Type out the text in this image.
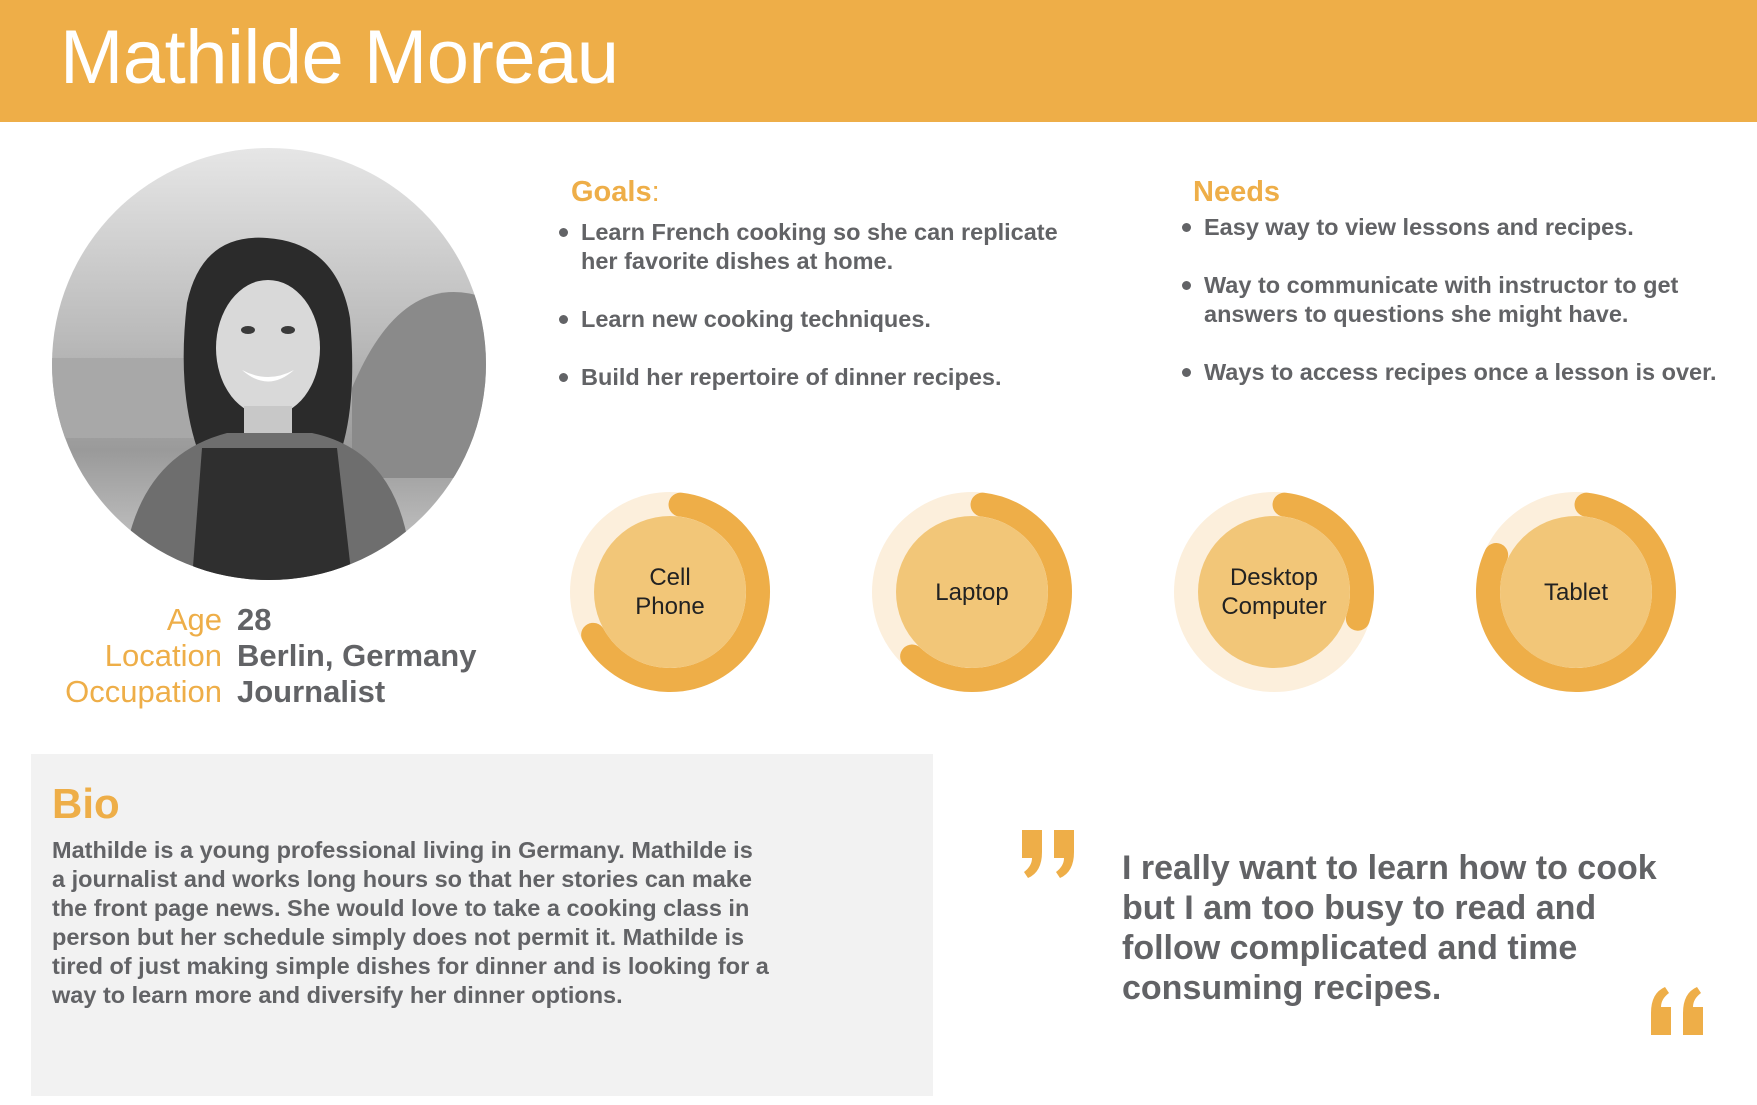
Mathilde Moreau
Age 28
Location Berlin, Germany
Occupation Journalist
Goals:
Learn French cooking so she can replicate
her favorite dishes at home.
Learn new cooking techniques.
Build her repertoire of dinner recipes.
Needs
Easy way to view lessons and recipes.
Way to communicate with instructor to get
answers to questions she might have.
Ways to access recipes once a lesson is over.
Cell
Phone
Laptop
Desktop
Computer
Tablet
Bio
Mathilde is a young professional living in Germany. Mathilde is a journalist and works long hours so that her stories can make the front page news. She would love to take a cooking class in person but her schedule simply does not permit it. Mathilde is tired of just making simple dishes for dinner and is looking for a way to learn more and diversify her dinner options.
I really want to learn how to cook but I am too busy to read and follow complicated and time consuming recipes.
